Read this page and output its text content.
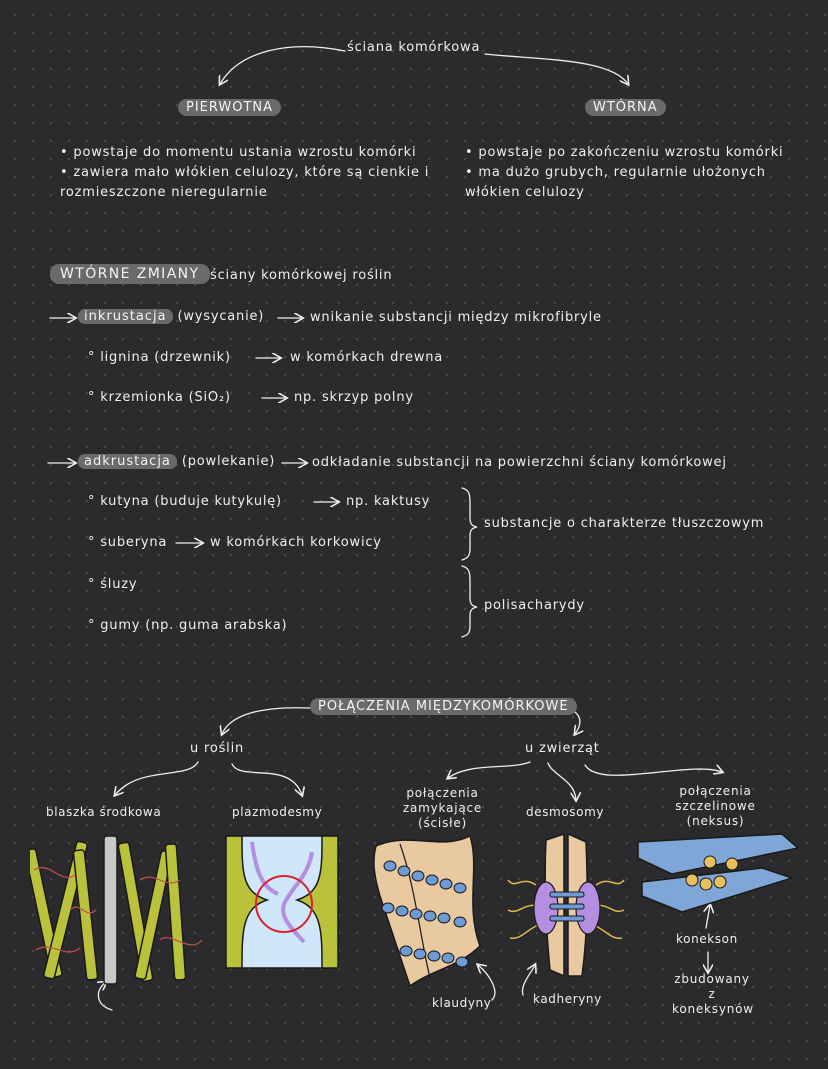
ściana komórkowa
PIERWOTNA	WTÓRNA
• powstaje do momentu ustania wzrostu komórki
• zawiera mało włókien celulozy, które są cienkie i rozmieszczone nieregularnie
• powstaje po zakończeniu wzrostu komórki
• ma dużo grubych, regularnie ułożonych włókien celulozy
WTÓRNE ZMIANY ściany komórkowej roślin
inkrustacja (wysycanie)	wnikanie substancji między mikrofibryle
° lignina (drzewnik)	w komórkach drewna
° krzemionka (SiO₂)	np. skrzyp polny
adkrustacja (powlekanie)	odkładanie substancji na powierzchni ściany komórkowej
° kutyna (buduje kutykulę)	np. kaktusy
° suberyna	w komórkach korkowicy
° śluzy
° gumy (np. guma arabska)
substancje o charakterze tłuszczowym
polisacharydy
POŁĄCZENIA MIĘDZYKOMÓRKOWE
u roślin	u zwierząt
blaszka środkowa	plazmodesmy
połączenia zamykające (ścisłe)
desmosomy
połączenia szczelinowe (neksus)
klaudyny	kadheryny
konekson
zbudowany z koneksynów
